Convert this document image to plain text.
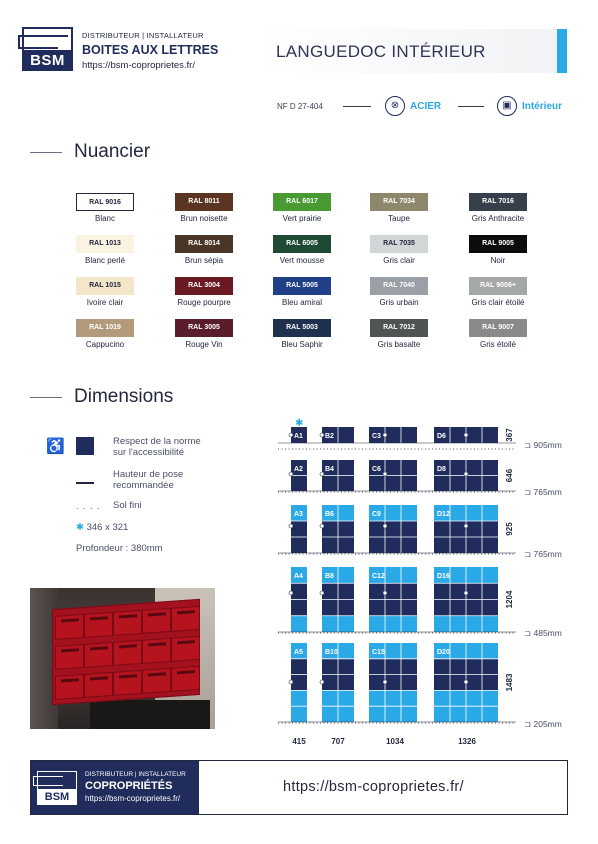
BSM
DISTRIBUTEUR | INSTALLATEUR
BOITES AUX LETTRES
https://bsm-coproprietes.fr/
LANGUEDOC INTÉRIEUR
NF D 27-404	⊗	ACIER	▣	Intérieur
Nuancier
RAL 9016
Blanc
RAL 1013
Blanc perlé
RAL 1015
Ivoire clair
RAL 1019
Cappucino
RAL 8011
Brun noisette
RAL 8014
Brun sépia
RAL 3004
Rouge pourpre
RAL 3005
Rouge Vin
RAL 6017
Vert prairie
RAL 6005
Vert mousse
RAL 5005
Bleu amiral
RAL 5003
Bleu Saphir
RAL 7034
Taupe
RAL 7035
Gris clair
RAL 7040
Gris urbain
RAL 7012
Gris basalte
RAL 7016
Gris Anthracite
RAL 9005
Noir
RAL 9006+
Gris clair étoilé
RAL 9007
Gris étoilé
Dimensions
♿	Respect de la norme
sur l'accessibilité
Hauteur de pose
recommandée
. . . . Sol fini
✱ 346 x 321
Profondeur : 380mm
A1	B2	C3	D6	367
⊐ 905mm
A2	B4	C6	D8	646
⊐ 765mm
A3	B6	C9	D12
925
⊐ 765mm
A4	B8	C12	D16
1204
⊐ 485mm
A5	B10	C15	D20
1483
⊐ 205mm
✱
415	707	1034	1326
BSM
DISTRIBUTEUR | INSTALLATEUR
COPROPRIÉTÉS
https://bsm-coproprietes.fr/
https://bsm-coproprietes.fr/
